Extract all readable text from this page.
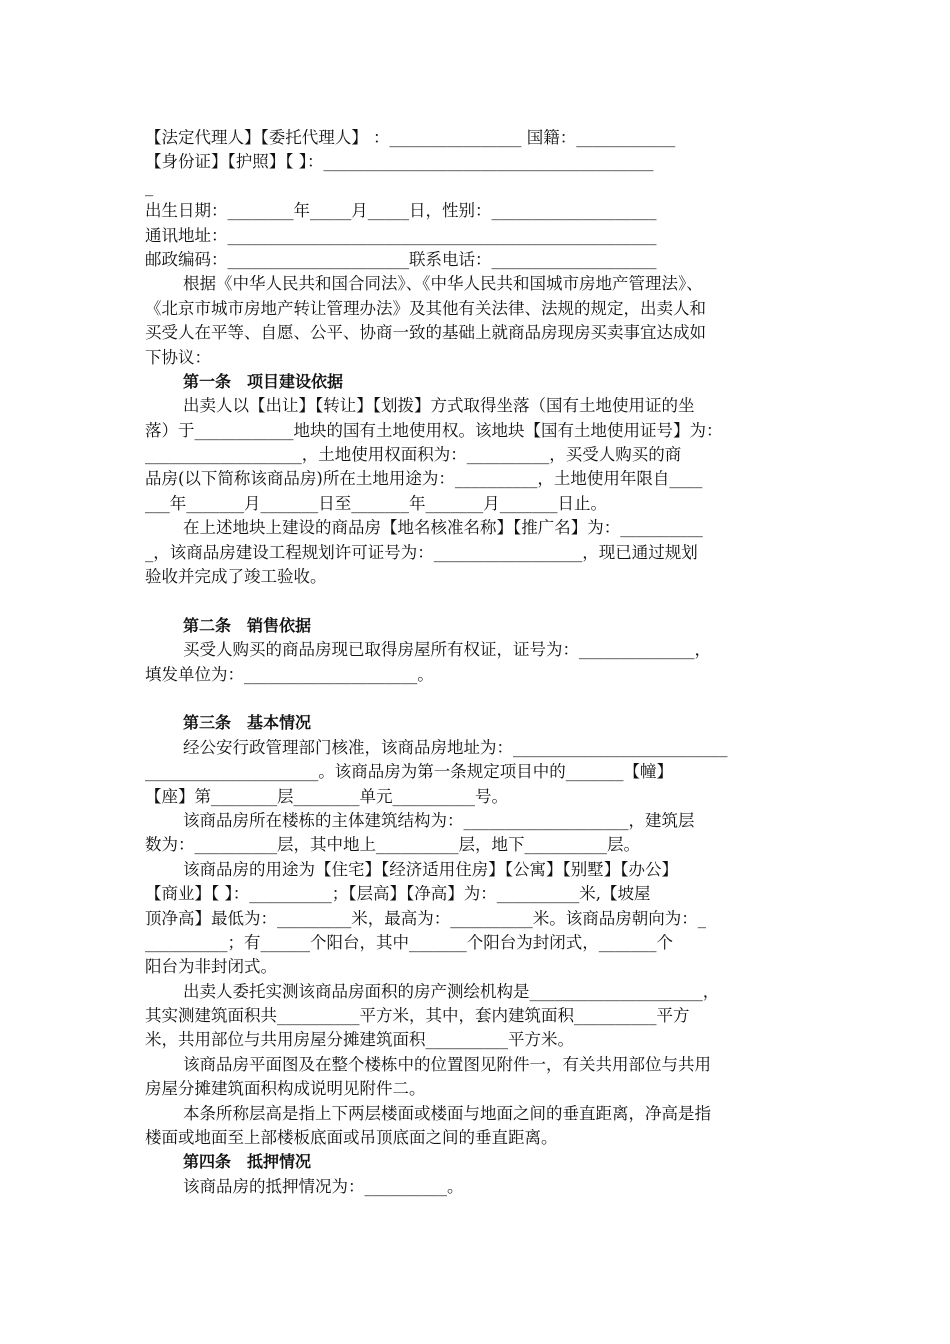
【法定代理人】【委托代理人】 ：________________ 国籍：____________
【身份证】【护照】【 】：________________________________________
_
出生日期：________年_____月_____日，性别：____________________
通讯地址：____________________________________________________
邮政编码：______________________联系电话：____________________
根据《中华人民共和国合同法》、《中华人民共和国城市房地产管理法》、
《北京市城市房地产转让管理办法》及其他有关法律、法规的规定，出卖人和
买受人在平等、自愿、公平、协商一致的基础上就商品房现房买卖事宜达成如
下协议：
第一条　项目建设依据
出卖人以【出让】【转让】【划拨】方式取得坐落（国有土地使用证的坐
落）于____________地块的国有土地使用权。该地块【国有土地使用证号】为：
___________________，土地使用权面积为：__________，买受人购买的商
品房(以下简称该商品房)所在土地用途为：__________，土地使用年限自____
___年_______月_______日至_______年_______月_______日止。
在上述地块上建设的商品房【地名核准名称】【推广名】为：__________
_，该商品房建设工程规划许可证号为：__________________，现已通过规划
验收并完成了竣工验收。
第二条　销售依据
买受人购买的商品房现已取得房屋所有权证，证号为：______________，
填发单位为：_____________________。
第三条　基本情况
经公安行政管理部门核准，该商品房地址为：__________________________
_____________________。该商品房为第一条规定项目中的_______【幢】
【座】第________层________单元__________号。
该商品房所在楼栋的主体建筑结构为：____________________，建筑层
数为：__________层，其中地上__________层，地下__________层。
该商品房的用途为【住宅】【经济适用住房】【公寓】【别墅】【办公】
【商业】【 】：__________；【层高】【净高】为：__________米,【坡屋
顶净高】最低为：_________米，最高为：__________米。该商品房朝向为：_
__________；有______个阳台，其中_______个阳台为封闭式，_______个
阳台为非封闭式。
出卖人委托实测该商品房面积的房产测绘机构是_____________________，
其实测建筑面积共__________平方米，其中，套内建筑面积__________平方
米，共用部位与共用房屋分摊建筑面积__________平方米。
该商品房平面图及在整个楼栋中的位置图见附件一，有关共用部位与共用
房屋分摊建筑面积构成说明见附件二。
本条所称层高是指上下两层楼面或楼面与地面之间的垂直距离，净高是指
楼面或地面至上部楼板底面或吊顶底面之间的垂直距离。
第四条　抵押情况
该商品房的抵押情况为：__________。
